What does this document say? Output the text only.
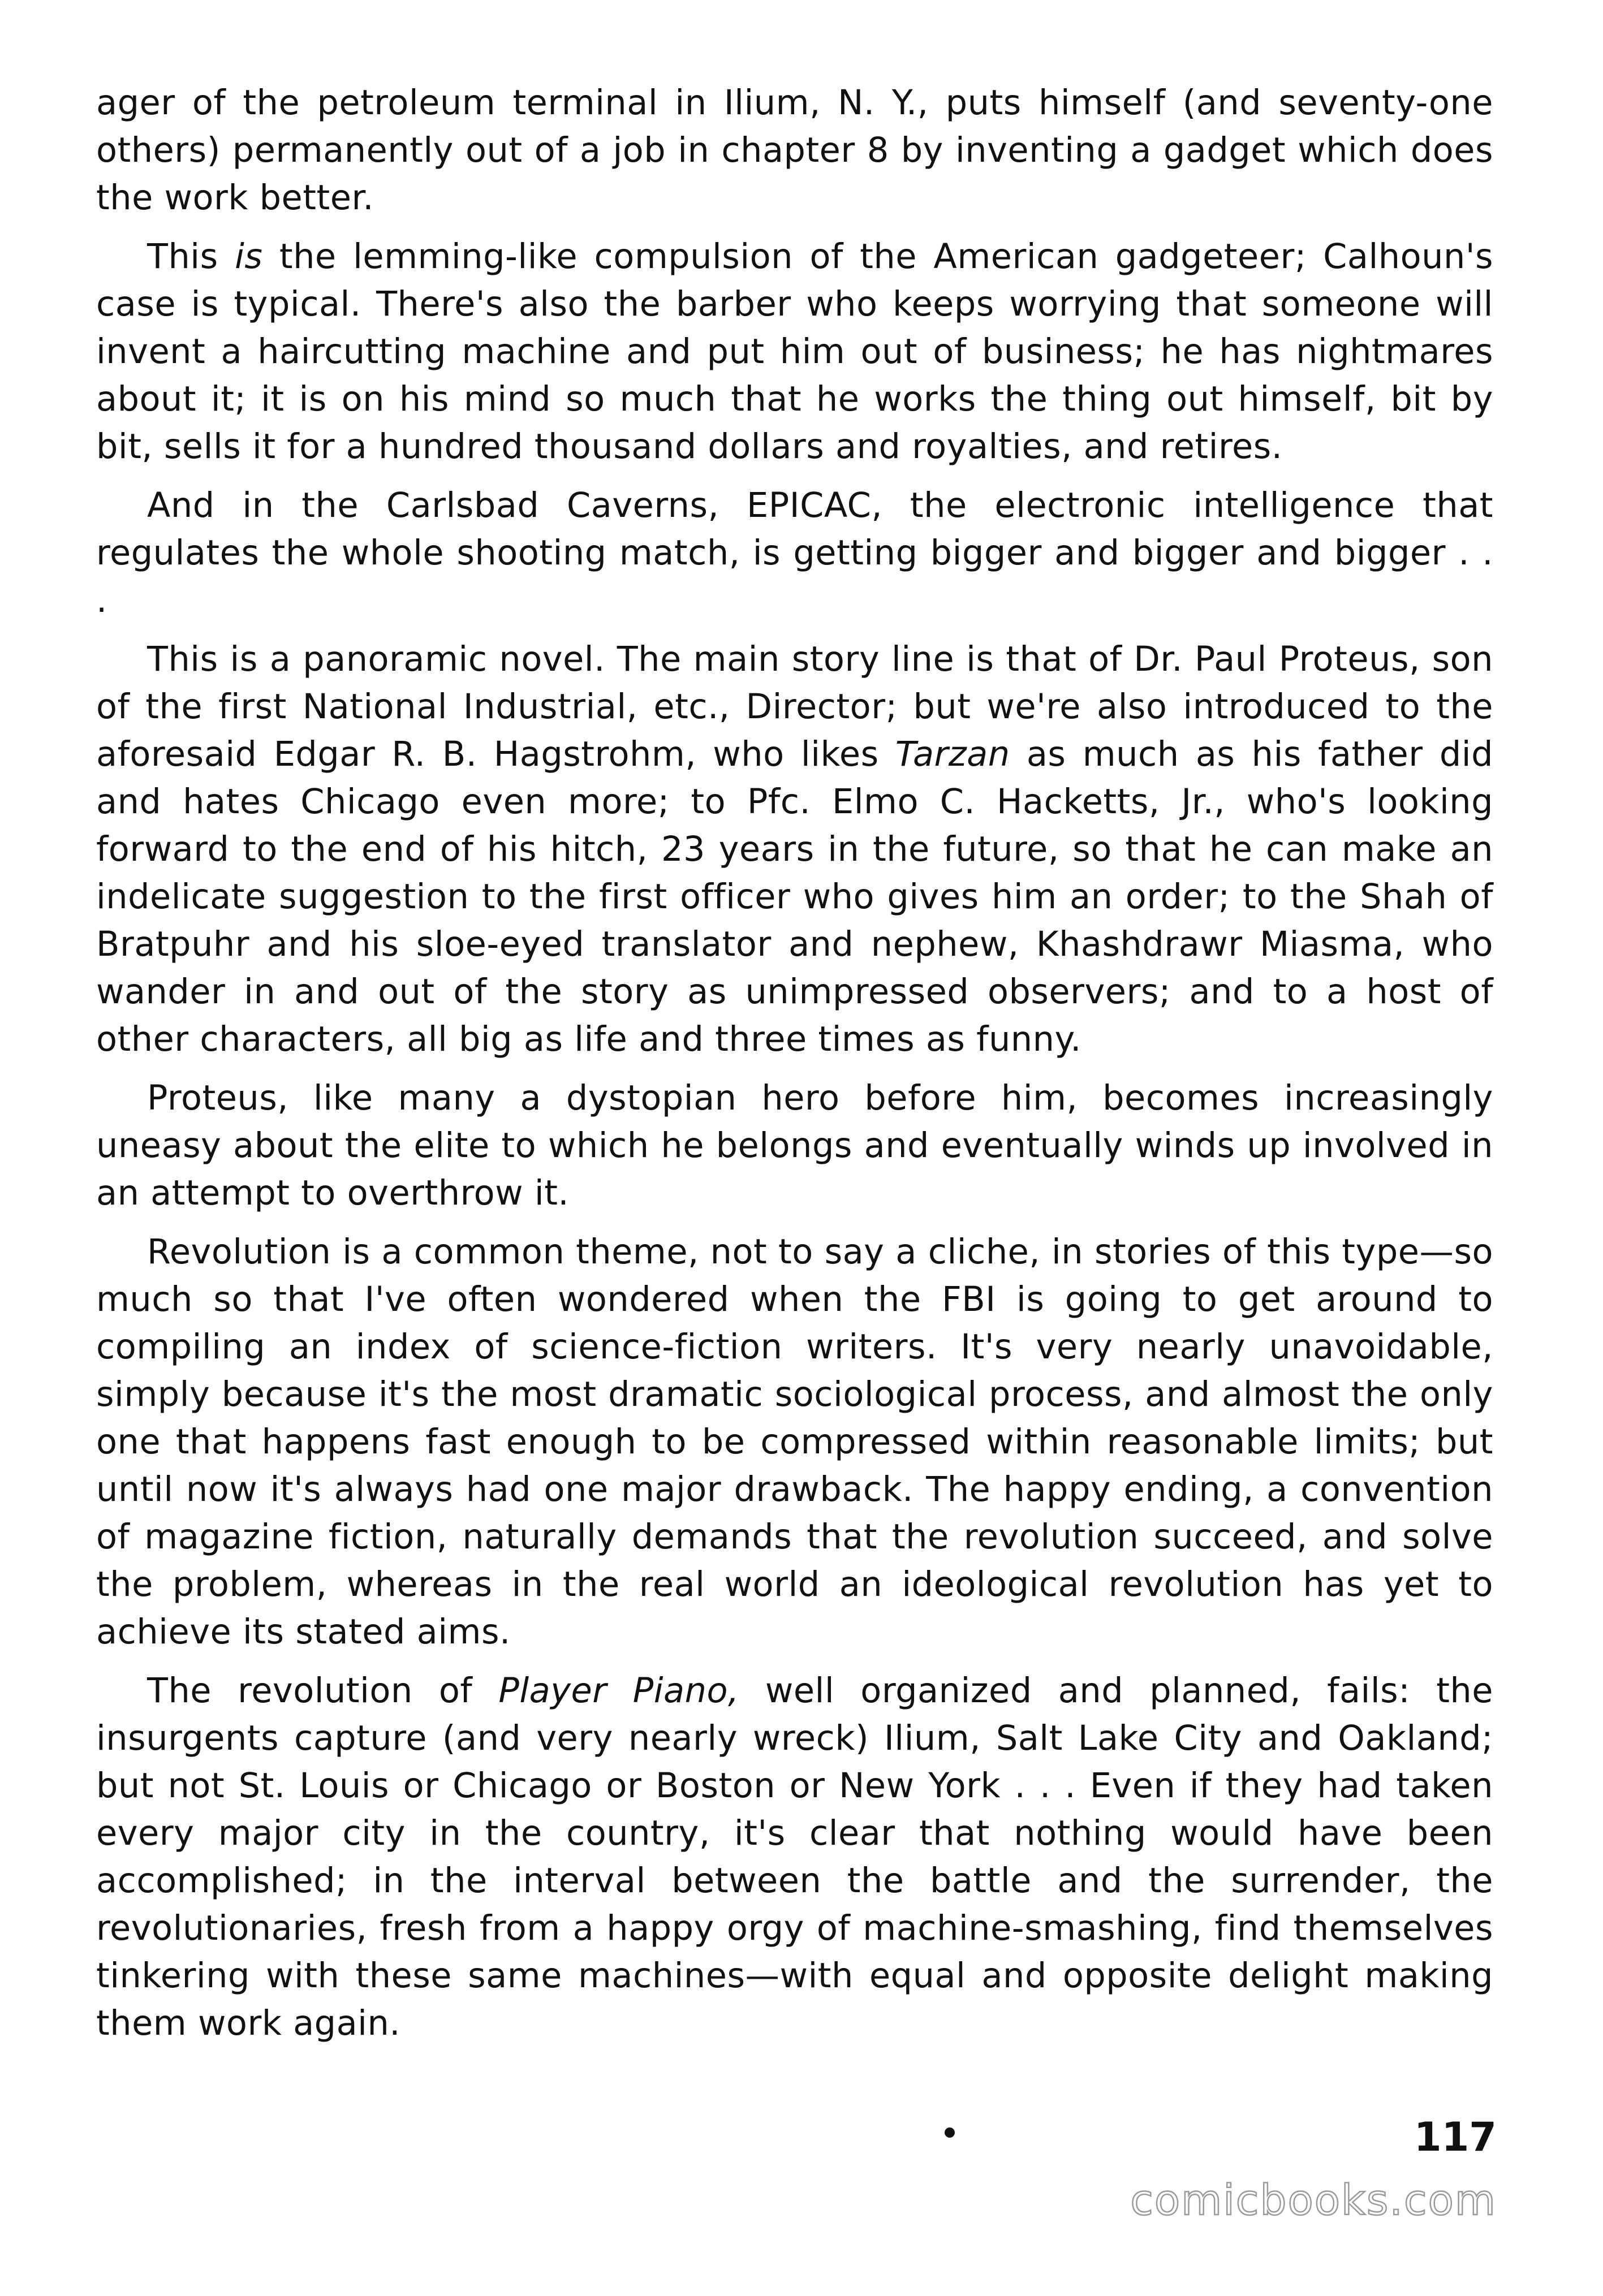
ager of the petroleum terminal in Ilium, N. Y., puts himself (and seventy-one others) permanently out of a job in chapter 8 by inventing a gadget which does the work better.

This is the lemming-like compulsion of the American gadgeteer; Calhoun's case is typical. There's also the barber who keeps worrying that someone will invent a haircutting machine and put him out of business; he has nightmares about it; it is on his mind so much that he works the thing out himself, bit by bit, sells it for a hundred thousand dollars and royalties, and retires.

And in the Carlsbad Caverns, EPICAC, the electronic intelligence that regulates the whole shooting match, is getting bigger and bigger and bigger . . .

This is a panoramic novel. The main story line is that of Dr. Paul Proteus, son of the first National Industrial, etc., Director; but we're also introduced to the aforesaid Edgar R. B. Hagstrohm, who likes Tarzan as much as his father did and hates Chicago even more; to Pfc. Elmo C. Hacketts, Jr., who's looking forward to the end of his hitch, 23 years in the future, so that he can make an indelicate suggestion to the first officer who gives him an order; to the Shah of Bratpuhr and his sloe-eyed translator and nephew, Khashdrawr Miasma, who wander in and out of the story as unimpressed observers; and to a host of other characters, all big as life and three times as funny.

Proteus, like many a dystopian hero before him, becomes increasingly uneasy about the elite to which he belongs and eventually winds up involved in an attempt to overthrow it.

Revolution is a common theme, not to say a cliche, in stories of this type—so much so that I've often wondered when the FBI is going to get around to compiling an index of science-fiction writers. It's very nearly unavoidable, simply because it's the most dramatic sociological process, and almost the only one that happens fast enough to be compressed within reasonable limits; but until now it's always had one major drawback. The happy ending, a convention of magazine fiction, naturally demands that the revolution succeed, and solve the problem, whereas in the real world an ideological revolution has yet to achieve its stated aims.

The revolution of Player Piano, well organized and planned, fails: the insurgents capture (and very nearly wreck) Ilium, Salt Lake City and Oakland; but not St. Louis or Chicago or Boston or New York . . . Even if they had taken every major city in the country, it's clear that nothing would have been accomplished; in the interval between the battle and the surrender, the revolutionaries, fresh from a happy orgy of machine-smashing, find themselves tinkering with these same machines—with equal and opposite delight making them work again.

117
comicbooks.com
